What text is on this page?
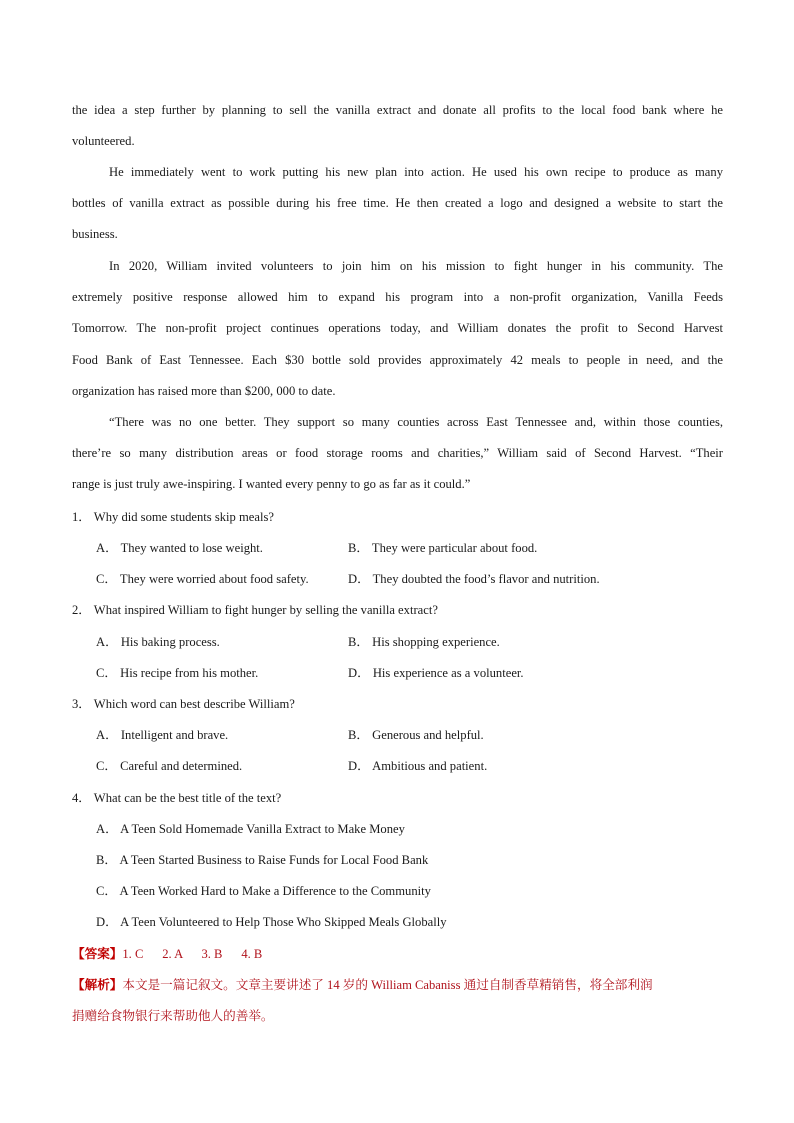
the idea a step further by planning to sell the vanilla extract and donate all profits to the local food bank where he
volunteered.
He immediately went to work putting his new plan into action. He used his own recipe to produce as many
bottles of vanilla extract as possible during his free time. He then created a logo and designed a website to start the
business.
In 2020, William invited volunteers to join him on his mission to fight hunger in his community. The
extremely positive response allowed him to expand his program into a non-profit organization, Vanilla Feeds
Tomorrow. The non-profit project continues operations today, and William donates the profit to Second Harvest
Food Bank of East Tennessee. Each $30 bottle sold provides approximately 42 meals to people in need, and the
organization has raised more than $200, 000 to date.
“There was no one better. They support so many counties across East Tennessee and, within those counties,
there’re so many distribution areas or food storage rooms and charities,” William said of Second Harvest. “Their
range is just truly awe-inspiring. I wanted every penny to go as far as it could.”
1． Why did some students skip meals?
A． They wanted to lose weight.	B． They were particular about food.
C． They were worried about food safety.	D． They doubted the food’s flavor and nutrition.
2． What inspired William to fight hunger by selling the vanilla extract?
A． His baking process.	B． His shopping experience.
C． His recipe from his mother.	D． His experience as a volunteer.
3． Which word can best describe William?
A． Intelligent and brave.	B． Generous and helpful.
C． Careful and determined.	D． Ambitious and patient.
4． What can be the best title of the text?
A． A Teen Sold Homemade Vanilla Extract to Make Money
B． A Teen Started Business to Raise Funds for Local Food Bank
C． A Teen Worked Hard to Make a Difference to the Community
D． A Teen Volunteered to Help Those Who Skipped Meals Globally
【答案】1. C      2. A      3. B      4. B
【解析】本文是一篇记叙文。文章主要讲述了 14 岁的 William Cabaniss 通过自制香草精销售，将全部利润
捐赠给食物银行来帮助他人的善举。
